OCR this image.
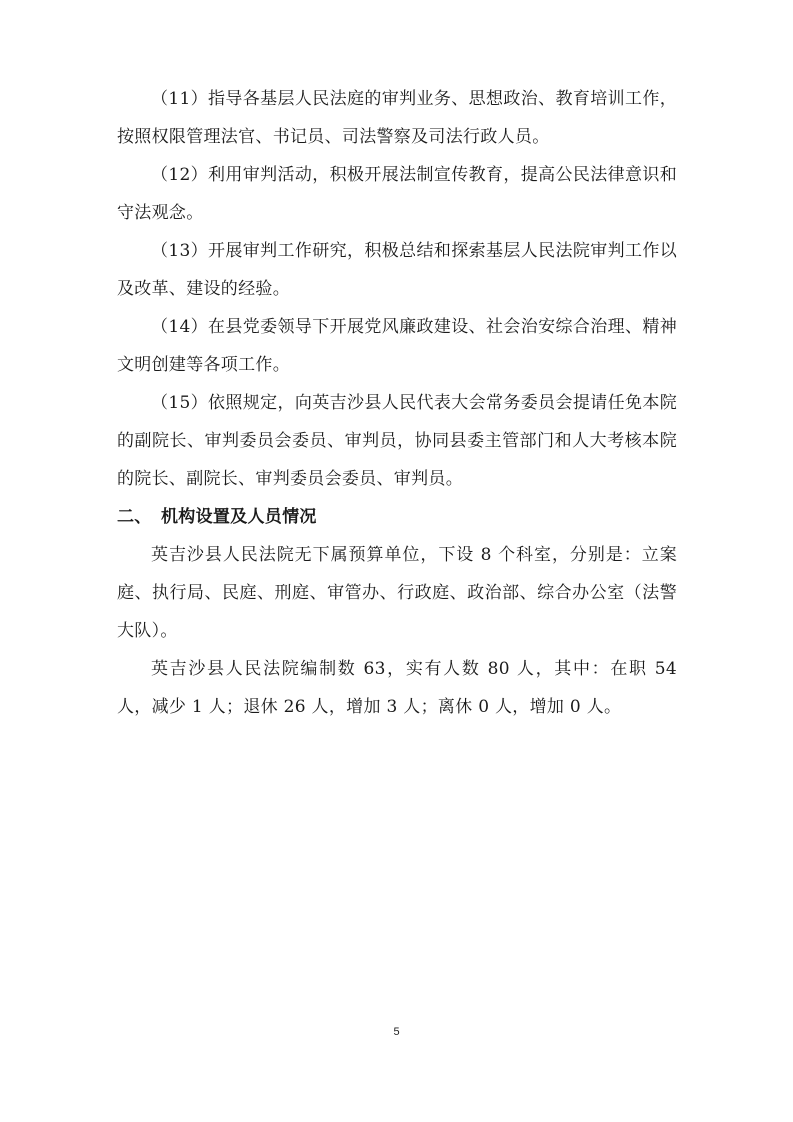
（11）指导各基层人民法庭的审判业务、思想政治、教育培训工作，按照权限管理法官、书记员、司法警察及司法行政人员。

（12）利用审判活动，积极开展法制宣传教育，提高公民法律意识和守法观念。

（13）开展审判工作研究，积极总结和探索基层人民法院审判工作以及改革、建设的经验。

（14）在县党委领导下开展党风廉政建设、社会治安综合治理、精神文明创建等各项工作。

（15）依照规定，向英吉沙县人民代表大会常务委员会提请任免本院的副院长、审判委员会委员、审判员，协同县委主管部门和人大考核本院的院长、副院长、审判委员会委员、审判员。

二、 机构设置及人员情况

英吉沙县人民法院无下属预算单位，下设 8 个科室，分别是：立案庭、执行局、民庭、刑庭、审管办、行政庭、政治部、综合办公室（法警大队）。

英吉沙县人民法院编制数 63，实有人数 80 人，其中：在职 54 人，减少 1 人；退休 26 人，增加 3 人；离休 0 人，增加 0 人。

5
